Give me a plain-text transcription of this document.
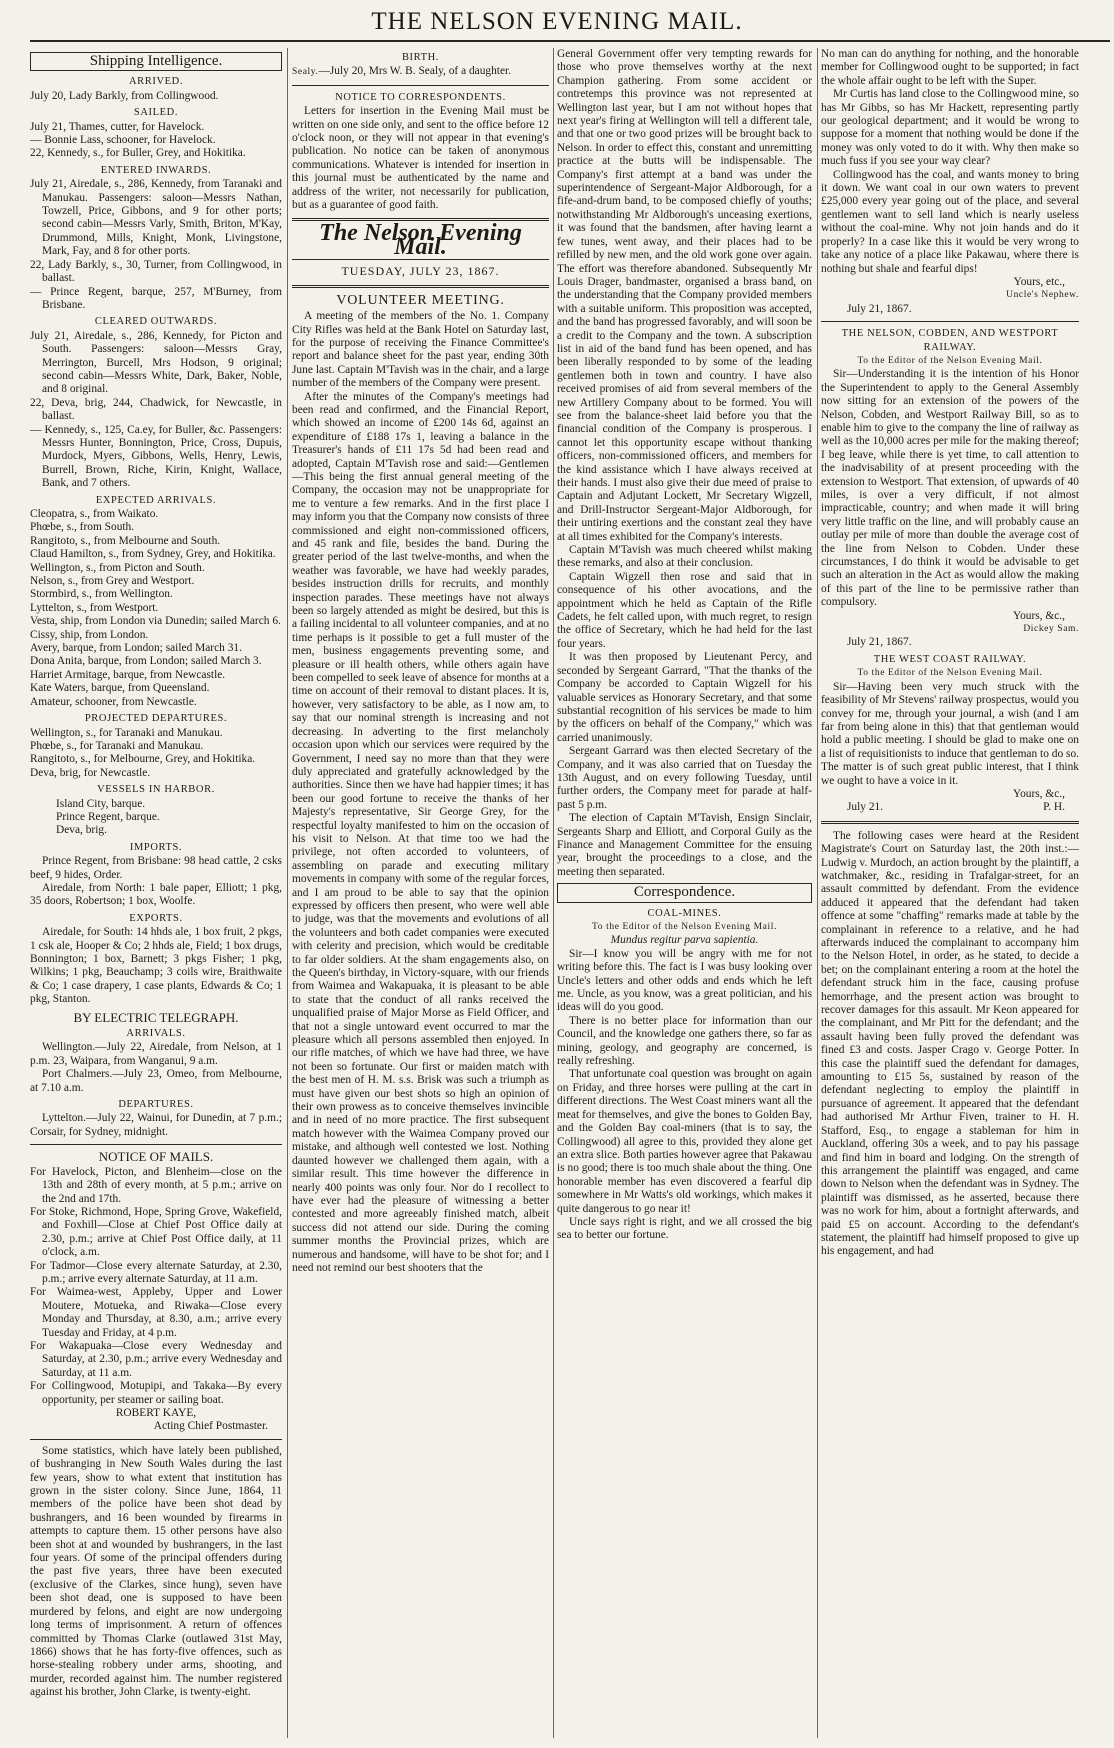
THE NELSON EVENING MAIL.
Shipping Intelligence.
ARRIVED.

July 20, Lady Barkly, from Collingwood.

SAILED.

July 21, Thames, cutter, for Havelock.

— Bonnie Lass, schooner, for Havelock.

22, Kennedy, s., for Buller, Grey, and Hokitika.

ENTERED INWARDS.

July 21, Airedale, s., 286, Kennedy, from Taranaki and Manukau. Passengers: saloon—Messrs Nathan, Towzell, Price, Gibbons, and 9 for other ports; second cabin—Messrs Varly, Smith, Briton, M'Kay, Drummond, Mills, Knight, Monk, Livingstone, Mark, Fay, and 8 for other ports.

22, Lady Barkly, s., 30, Turner, from Collingwood, in ballast.

— Prince Regent, barque, 257, M'Burney, from Brisbane.

CLEARED OUTWARDS.

July 21, Airedale, s., 286, Kennedy, for Picton and South. Passengers: saloon—Messrs Gray, Merrington, Burcell, Mrs Hodson, 9 original; second cabin—Messrs White, Dark, Baker, Noble, and 8 original.

22, Deva, brig, 244, Chadwick, for Newcastle, in ballast.

— Kennedy, s., 125, Ca.ey, for Buller, &c. Passengers: Messrs Hunter, Bonnington, Price, Cross, Dupuis, Murdock, Myers, Gibbons, Wells, Henry, Lewis, Burrell, Brown, Riche, Kirin, Knight, Wallace, Bank, and 7 others.

EXPECTED ARRIVALS.

Cleopatra, s., from Waikato.

Phœbe, s., from South.

Rangitoto, s., from Melbourne and South.

Claud Hamilton, s., from Sydney, Grey, and Hokitika.

Wellington, s., from Picton and South.

Nelson, s., from Grey and Westport.

Stormbird, s., from Wellington.

Lyttelton, s., from Westport.

Vesta, ship, from London via Dunedin; sailed March 6.

Cissy, ship, from London.

Avery, barque, from London; sailed March 31.

Dona Anita, barque, from London; sailed March 3.

Harriet Armitage, barque, from Newcastle.

Kate Waters, barque, from Queensland.

Amateur, schooner, from Newcastle.

PROJECTED DEPARTURES.

Wellington, s., for Taranaki and Manukau.

Phœbe, s., for Taranaki and Manukau.

Rangitoto, s., for Melbourne, Grey, and Hokitika.

Deva, brig, for Newcastle.

VESSELS IN HARBOR.

Island City, barque.

Prince Regent, barque.

Deva, brig.

IMPORTS.

Prince Regent, from Brisbane: 98 head cattle, 2 csks beef, 9 hides, Order.

Airedale, from North: 1 bale paper, Elliott; 1 pkg, 35 doors, Robertson; 1 box, Woolfe.

EXPORTS.

Airedale, for South: 14 hhds ale, 1 box fruit, 2 pkgs, 1 csk ale, Hooper & Co; 2 hhds ale, Field; 1 box drugs, Bonnington; 1 box, Barnett; 3 pkgs Fisher; 1 pkg, Wilkins; 1 pkg, Beauchamp; 3 coils wire, Braithwaite & Co; 1 case drapery, 1 case plants, Edwards & Co; 1 pkg, Stanton.

BY ELECTRIC TELEGRAPH.
ARRIVALS.

Wellington.—July 22, Airedale, from Nelson, at 1 p.m. 23, Waipara, from Wanganui, 9 a.m.

Port Chalmers.—July 23, Omeo, from Melbourne, at 7.10 a.m.

DEPARTURES.

Lyttelton.—July 22, Wainui, for Dunedin, at 7 p.m.; Corsair, for Sydney, midnight.

NOTICE OF MAILS.

For Havelock, Picton, and Blenheim—close on the 13th and 28th of every month, at 5 p.m.; arrive on the 2nd and 17th.

For Stoke, Richmond, Hope, Spring Grove, Wakefield, and Foxhill—Close at Chief Post Office daily at 2.30, p.m.; arrive at Chief Post Office daily, at 11 o'clock, a.m.

For Tadmor—Close every alternate Saturday, at 2.30, p.m.; arrive every alternate Saturday, at 11 a.m.

For Waimea-west, Appleby, Upper and Lower Moutere, Motueka, and Riwaka—Close every Monday and Thursday, at 8.30, a.m.; arrive every Tuesday and Friday, at 4 p.m.

For Wakapuaka—Close every Wednesday and Saturday, at 2.30, p.m.; arrive every Wednesday and Saturday, at 11 a.m.

For Collingwood, Motupipi, and Takaka—By every opportunity, per steamer or sailing boat.

ROBERT KAYE,

Acting Chief Postmaster.

Some statistics, which have lately been published, of bushranging in New South Wales during the last few years, show to what extent that institution has grown in the sister colony. Since June, 1864, 11 members of the police have been shot dead by bushrangers, and 16 been wounded by firearms in attempts to capture them. 15 other persons have also been shot at and wounded by bushrangers, in the last four years. Of some of the principal offenders during the past five years, three have been executed (exclusive of the Clarkes, since hung), seven have been shot dead, one is supposed to have been murdered by felons, and eight are now undergoing long terms of imprisonment. A return of offences committed by Thomas Clarke (outlawed 31st May, 1866) shows that he has forty-five offences, such as horse-stealing robbery under arms, shooting, and murder, recorded against him. The number registered against his brother, John Clarke, is twenty-eight.

BIRTH.

Sealy.—July 20, Mrs W. B. Sealy, of a daughter.

NOTICE TO CORRESPONDENTS.

Letters for insertion in the Evening Mail must be written on one side only, and sent to the office before 12 o'clock noon, or they will not appear in that evening's publication. No notice can be taken of anonymous communications. Whatever is intended for insertion in this journal must be authenticated by the name and address of the writer, not necessarily for publication, but as a guarantee of good faith.

The Nelson Evening Mail.
TUESDAY, JULY 23, 1867.
VOLUNTEER MEETING.

A meeting of the members of the No. 1. Company City Rifles was held at the Bank Hotel on Saturday last, for the purpose of receiving the Finance Committee's report and balance sheet for the past year, ending 30th June last. Captain M'Tavish was in the chair, and a large number of the members of the Company were present.

After the minutes of the Company's meetings had been read and confirmed, and the Financial Report, which showed an income of £200 14s 6d, against an expenditure of £188 17s 1, leaving a balance in the Treasurer's hands of £11 17s 5d had been read and adopted, Captain M'Tavish rose and said:—Gentlemen—This being the first annual general meeting of the Company, the occasion may not be unappropriate for me to venture a few remarks. And in the first place I may inform you that the Company now consists of three commissioned and eight non-commissioned officers, and 45 rank and file, besides the band. During the greater period of the last twelve-months, and when the weather was favorable, we have had weekly parades, besides instruction drills for recruits, and monthly inspection parades. These meetings have not always been so largely attended as might be desired, but this is a failing incidental to all volunteer companies, and at no time perhaps is it possible to get a full muster of the men, business engagements preventing some, and pleasure or ill health others, while others again have been compelled to seek leave of absence for months at a time on account of their removal to distant places. It is, however, very satisfactory to be able, as I now am, to say that our nominal strength is increasing and not decreasing. In adverting to the first melancholy occasion upon which our services were required by the Government, I need say no more than that they were duly appreciated and gratefully acknowledged by the authorities. Since then we have had happier times; it has been our good fortune to receive the thanks of her Majesty's representative, Sir George Grey, for the respectful loyalty manifested to him on the occasion of his visit to Nelson. At that time too we had the privilege, not often accorded to volunteers, of assembling on parade and executing military movements in company with some of the regular forces, and I am proud to be able to say that the opinion expressed by officers then present, who were well able to judge, was that the movements and evolutions of all the volunteers and both cadet companies were executed with celerity and precision, which would be creditable to far older soldiers. At the sham engagements also, on the Queen's birthday, in Victory-square, with our friends from Waimea and Wakapuaka, it is pleasant to be able to state that the conduct of all ranks received the unqualified praise of Major Morse as Field Officer, and that not a single untoward event occurred to mar the pleasure which all persons assembled then enjoyed. In our rifle matches, of which we have had three, we have not been so fortunate. Our first or maiden match with the best men of H. M. s.s. Brisk was such a triumph as must have given our best shots so high an opinion of their own prowess as to conceive themselves invincible and in need of no more practice. The first subsequent match however with the Waimea Company proved our mistake, and although well contested we lost. Nothing daunted however we challenged them again, with a similar result. This time however the difference in nearly 400 points was only four. Nor do I recollect to have ever had the pleasure of witnessing a better contested and more agreeably finished match, albeit success did not attend our side. During the coming summer months the Provincial prizes, which are numerous and handsome, will have to be shot for; and I need not remind our best shooters that the

General Government offer very tempting rewards for those who prove themselves worthy at the next Champion gathering. From some accident or contretemps this province was not represented at Wellington last year, but I am not without hopes that next year's firing at Wellington will tell a different tale, and that one or two good prizes will be brought back to Nelson. In order to effect this, constant and unremitting practice at the butts will be indispensable. The Company's first attempt at a band was under the superintendence of Sergeant-Major Aldborough, for a fife-and-drum band, to be composed chiefly of youths; notwithstanding Mr Aldborough's unceasing exertions, it was found that the bandsmen, after having learnt a few tunes, went away, and their places had to be refilled by new men, and the old work gone over again. The effort was therefore abandoned. Subsequently Mr Louis Drager, bandmaster, organised a brass band, on the understanding that the Company provided members with a suitable uniform. This proposition was accepted, and the band has progressed favorably, and will soon be a credit to the Company and the town. A subscription list in aid of the band fund has been opened, and has been liberally responded to by some of the leading gentlemen both in town and country. I have also received promises of aid from several members of the new Artillery Company about to be formed. You will see from the balance-sheet laid before you that the financial condition of the Company is prosperous. I cannot let this opportunity escape without thanking officers, non-commissioned officers, and members for the kind assistance which I have always received at their hands. I must also give their due meed of praise to Captain and Adjutant Lockett, Mr Secretary Wigzell, and Drill-Instructor Sergeant-Major Aldborough, for their untiring exertions and the constant zeal they have at all times exhibited for the Company's interests.

Captain M'Tavish was much cheered whilst making these remarks, and also at their conclusion.

Captain Wigzell then rose and said that in consequence of his other avocations, and the appointment which he held as Captain of the Rifle Cadets, he felt called upon, with much regret, to resign the office of Secretary, which he had held for the last four years.

It was then proposed by Lieutenant Percy, and seconded by Sergeant Garrard, "That the thanks of the Company be accorded to Captain Wigzell for his valuable services as Honorary Secretary, and that some substantial recognition of his services be made to him by the officers on behalf of the Company," which was carried unanimously.

Sergeant Garrard was then elected Secretary of the Company, and it was also carried that on Tuesday the 13th August, and on every following Tuesday, until further orders, the Company meet for parade at half-past 5 p.m.

The election of Captain M'Tavish, Ensign Sinclair, Sergeants Sharp and Elliott, and Corporal Guily as the Finance and Management Committee for the ensuing year, brought the proceedings to a close, and the meeting then separated.

Correspondence.
COAL-MINES.

To the Editor of the Nelson Evening Mail.

Mundus regitur parva sapientia.

Sir—I know you will be angry with me for not writing before this. The fact is I was busy looking over Uncle's letters and other odds and ends which he left me. Uncle, as you know, was a great politician, and his ideas will do you good.

There is no better place for information than our Council, and the knowledge one gathers there, so far as mining, geology, and geography are concerned, is really refreshing.

That unfortunate coal question was brought on again on Friday, and three horses were pulling at the cart in different directions. The West Coast miners want all the meat for themselves, and give the bones to Golden Bay, and the Golden Bay coal-miners (that is to say, the Collingwood) all agree to this, provided they alone get an extra slice. Both parties however agree that Pakawau is no good; there is too much shale about the thing. One honorable member has even discovered a fearful dip somewhere in Mr Watts's old workings, which makes it quite dangerous to go near it!

Uncle says right is right, and we all crossed the big sea to better our fortune.

No man can do anything for nothing, and the honorable member for Collingwood ought to be supported; in fact the whole affair ought to be left with the Super.

Mr Curtis has land close to the Collingwood mine, so has Mr Gibbs, so has Mr Hackett, representing partly our geological department; and it would be wrong to suppose for a moment that nothing would be done if the money was only voted to do it with. Why then make so much fuss if you see your way clear?

Collingwood has the coal, and wants money to bring it down. We want coal in our own waters to prevent £25,000 every year going out of the place, and several gentlemen want to sell land which is nearly useless without the coal-mine. Why not join hands and do it properly? In a case like this it would be very wrong to take any notice of a place like Pakawau, where there is nothing but shale and fearful dips!

Yours, etc.,

Uncle's Nephew.

July 21, 1867.

THE NELSON, COBDEN, AND WESTPORT RAILWAY.

To the Editor of the Nelson Evening Mail.

Sir—Understanding it is the intention of his Honor the Superintendent to apply to the General Assembly now sitting for an extension of the powers of the Nelson, Cobden, and Westport Railway Bill, so as to enable him to give to the company the line of railway as well as the 10,000 acres per mile for the making thereof; I beg leave, while there is yet time, to call attention to the inadvisability of at present proceeding with the extension to Westport. That extension, of upwards of 40 miles, is over a very difficult, if not almost impracticable, country; and when made it will bring very little traffic on the line, and will probably cause an outlay per mile of more than double the average cost of the line from Nelson to Cobden. Under these circumstances, I do think it would be advisable to get such an alteration in the Act as would allow the making of this part of the line to be permissive rather than compulsory.

Yours, &c.,

Dickey Sam.

July 21, 1867.

THE WEST COAST RAILWAY.

To the Editor of the Nelson Evening Mail.

Sir—Having been very much struck with the feasibility of Mr Stevens' railway prospectus, would you convey for me, through your journal, a wish (and I am far from being alone in this) that that gentleman would hold a public meeting. I should be glad to make one on a list of requisitionists to induce that gentleman to do so. The matter is of such great public interest, that I think we ought to have a voice in it.

Yours, &c.,

July 21.	P. H.

The following cases were heard at the Resident Magistrate's Court on Saturday last, the 20th inst.:—Ludwig v. Murdoch, an action brought by the plaintiff, a watchmaker, &c., residing in Trafalgar-street, for an assault committed by defendant. From the evidence adduced it appeared that the defendant had taken offence at some "chaffing" remarks made at table by the complainant in reference to a relative, and he had afterwards induced the complainant to accompany him to the Nelson Hotel, in order, as he stated, to decide a bet; on the complainant entering a room at the hotel the defendant struck him in the face, causing profuse hemorrhage, and the present action was brought to recover damages for this assault. Mr Keon appeared for the complainant, and Mr Pitt for the defendant; and the assault having been fully proved the defendant was fined £3 and costs. Jasper Crago v. George Potter. In this case the plaintiff sued the defendant for damages, amounting to £15 5s, sustained by reason of the defendant neglecting to employ the plaintiff in pursuance of agreement. It appeared that the defendant had authorised Mr Arthur Fiven, trainer to H. H. Stafford, Esq., to engage a stableman for him in Auckland, offering 30s a week, and to pay his passage and find him in board and lodging. On the strength of this arrangement the plaintiff was engaged, and came down to Nelson when the defendant was in Sydney. The plaintiff was dismissed, as he asserted, because there was no work for him, about a fortnight afterwards, and paid £5 on account. According to the defendant's statement, the plaintiff had himself proposed to give up his engagement, and had
